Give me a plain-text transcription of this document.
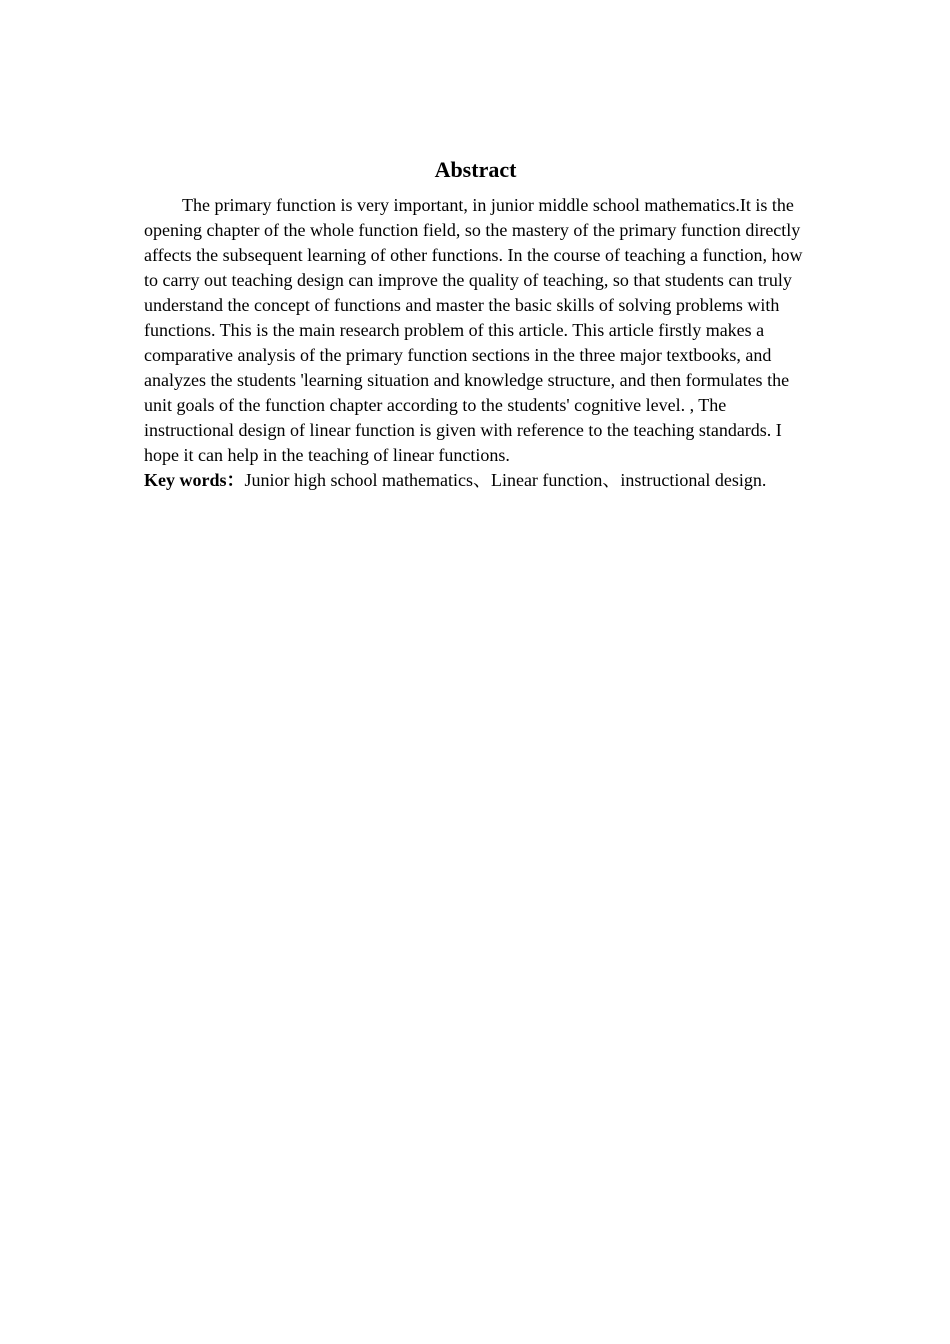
Abstract

The primary function is very important, in junior middle school mathematics.It is the opening chapter of the whole function field, so the mastery of the primary function directly affects the subsequent learning of other functions. In the course of teaching a function, how to carry out teaching design can improve the quality of teaching, so that students can truly understand the concept of functions and master the basic skills of solving problems with functions. This is the main research problem of this article. This article firstly makes a comparative analysis of the primary function sections in the three major textbooks, and analyzes the students 'learning situation and knowledge structure, and then formulates the unit goals of the function chapter according to the students' cognitive level. , The instructional design of linear function is given with reference to the teaching standards. I hope it can help in the teaching of linear functions.

Key words：Junior high school mathematics、Linear function、instructional design.
